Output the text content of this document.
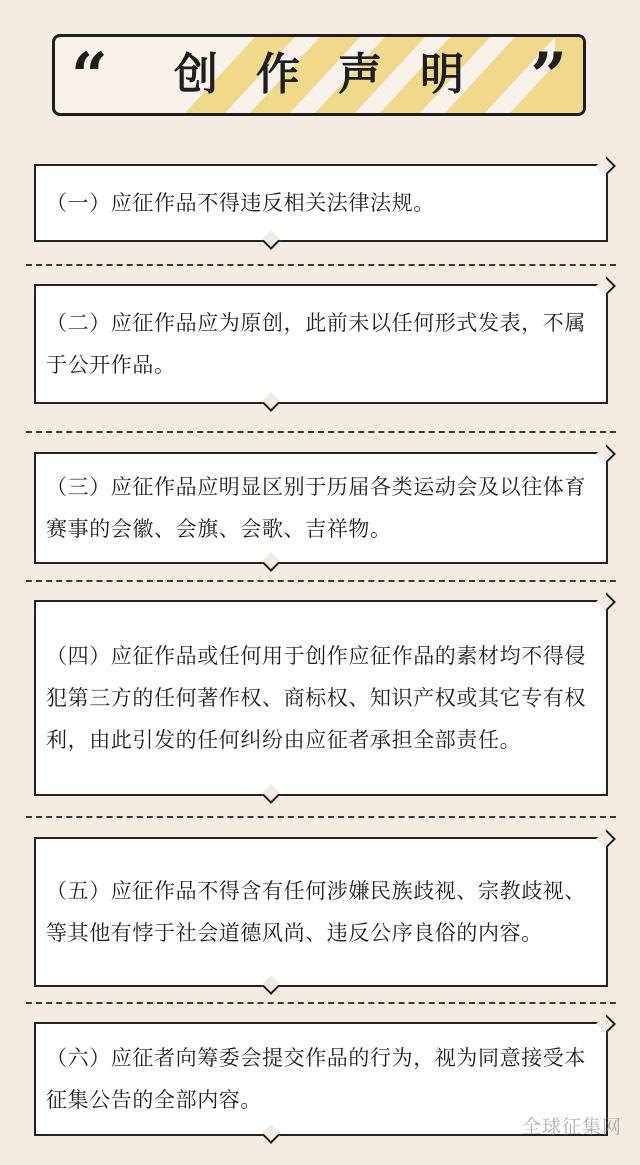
“ 创作声明 ”
（一）应征作品不得违反相关法律法规。
（二）应征作品应为原创，此前未以任何形式发表，不属于公开作品。
（三）应征作品应明显区别于历届各类运动会及以往体育赛事的会徽、会旗、会歌、吉祥物。
（四）应征作品或任何用于创作应征作品的素材均不得侵犯第三方的任何著作权、商标权、知识产权或其它专有权利，由此引发的任何纠纷由应征者承担全部责任。
（五）应征作品不得含有任何涉嫌民族歧视、宗教歧视、等其他有悖于社会道德风尚、违反公序良俗的内容。
（六）应征者向筹委会提交作品的行为，视为同意接受本征集公告的全部内容。
全球征集网
